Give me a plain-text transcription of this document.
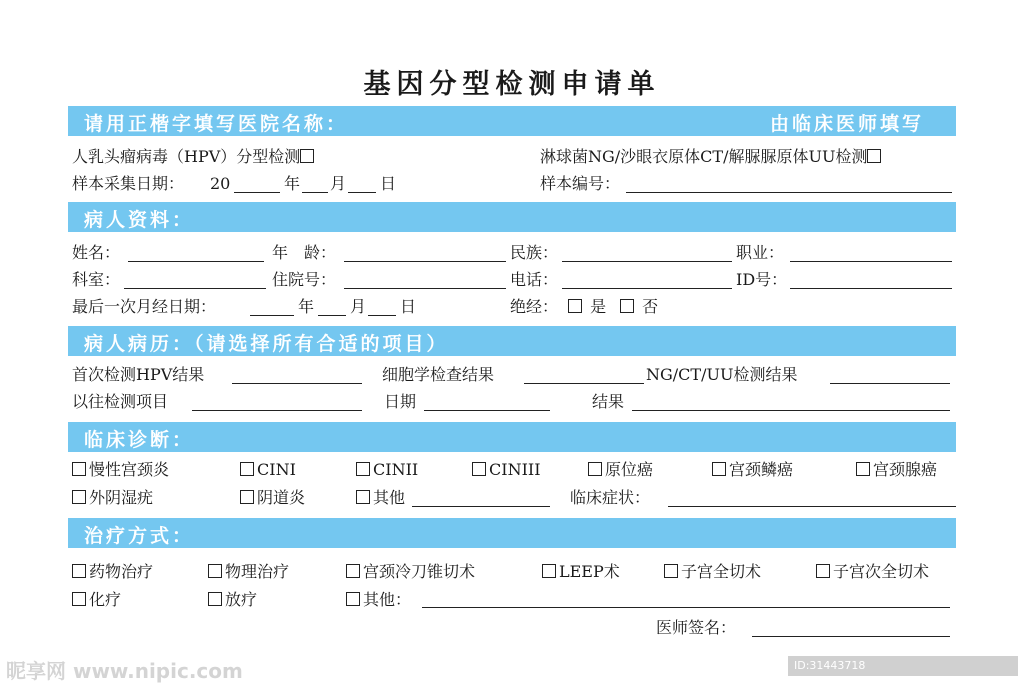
基因分型检测申请单
请用正楷字填写医院名称：	由临床医师填写
人乳头瘤病毒（HPV）分型检测	淋球菌NG/沙眼衣原体CT/解脲脲原体UU检测
样本采集日期： 20	年 月 日	样本编号：
病人资料：
姓名：	年　龄：	民族：	职业：
科室：	住院号：	电话：	ID号：
最后一次月经日期：	年 月 日	绝经：	是	否
病人病历：（请选择所有合适的项目）
首次检测HPV结果	细胞学检查结果	NG/CT/UU检测结果
以往检测项目	日期	结果
临床诊断：
慢性宫颈炎	CINI	CINII	CINIII	原位癌	宫颈鳞癌	宫颈腺癌
外阴湿疣	阴道炎	其他	临床症状：
治疗方式：
药物治疗	物理治疗	宫颈冷刀锥切术	LEEP术	子宫全切术	子宫次全切术
化疗	放疗	其他：
医师签名：
昵享网 www.nipic.com	ID:31443718 NO:20200702102613644906
